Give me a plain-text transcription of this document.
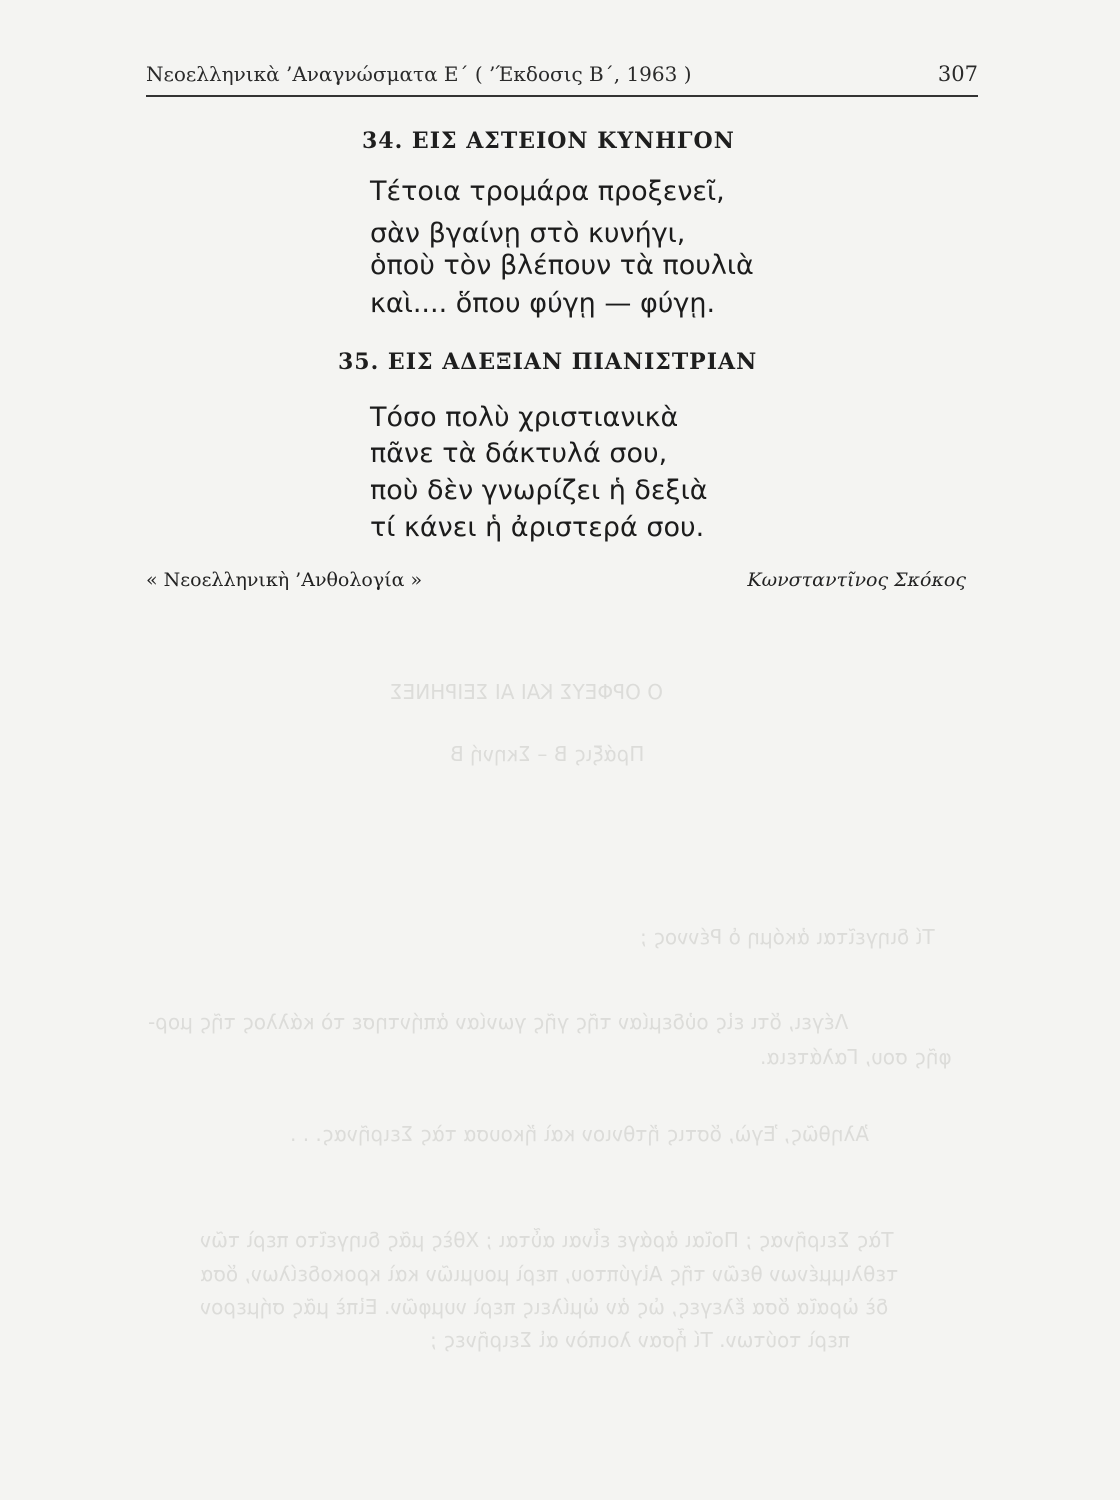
Ο ΟΡΦΕΥΣ ΚΑΙ ΑΙ ΣΕΙΡΗΝΕΣ
Πράξις Β – Σκηνή Β
Τί διηγεῖται ἀκόμη ὁ Ρέννος ;
Λέγει, ὅτι εἰς οὐδεμίαν τῆς γῆς γωνίαν ἀπήντησε τὸ κάλλος τῆς μορ-
φῆς σου, Γαλάτεια.
Ἀληθῶς, Ἐγὼ, ὅστις ἤτθνιον καὶ ἤκουσα τὰς Σειρῆνας. . .
Τὰς Σειρῆνας ; Ποῖαι ἀράγε εἶναι αὗται ; Χθὲς μᾶς διηγεῖτο περὶ τῶν
τεθλιμμένων θεῶν τῆς Αἰγύπτου, περὶ μουμιῶν καὶ κροκοδείλων, ὅσα
δὲ ὡραῖα ὅσα ἔλεγες, ὡς ἀν ὡμίλεις περὶ νυμφῶν. Εἰπὲ μᾶς σήμερον
περὶ τούτων. Τί ἦσαν λοιπὸν αἱ Σειρῆνες ;
Νεοελληνικὰ ’Αναγνώσματα Ε΄ ( ’Έκδοσις Β΄, 1963 )	307
34. ΕΙΣ ΑΣΤΕΙΟΝ ΚΥΝΗΓΟΝ
Τέτοια τρομάρα προξενεῖ,
σὰν βγαίνῃ στὸ κυνήγι,
ὁποὺ τὸν βλέπουν τὰ πουλιὰ
καὶ.... ὅπου φύγῃ — φύγῃ.
35. ΕΙΣ ΑΔΕΞΙΑΝ ΠΙΑΝΙΣΤΡΙΑΝ
Τόσο πολὺ χριστιανικὰ
πᾶνε τὰ δάκτυλά σου,
ποὺ δὲν γνωρίζει ἡ δεξιὰ
τί κάνει ἡ ἀριστερά σου.
« Νεοελληνικὴ ’Ανθολογία »	Κωνσταντῖνος Σκόκος
